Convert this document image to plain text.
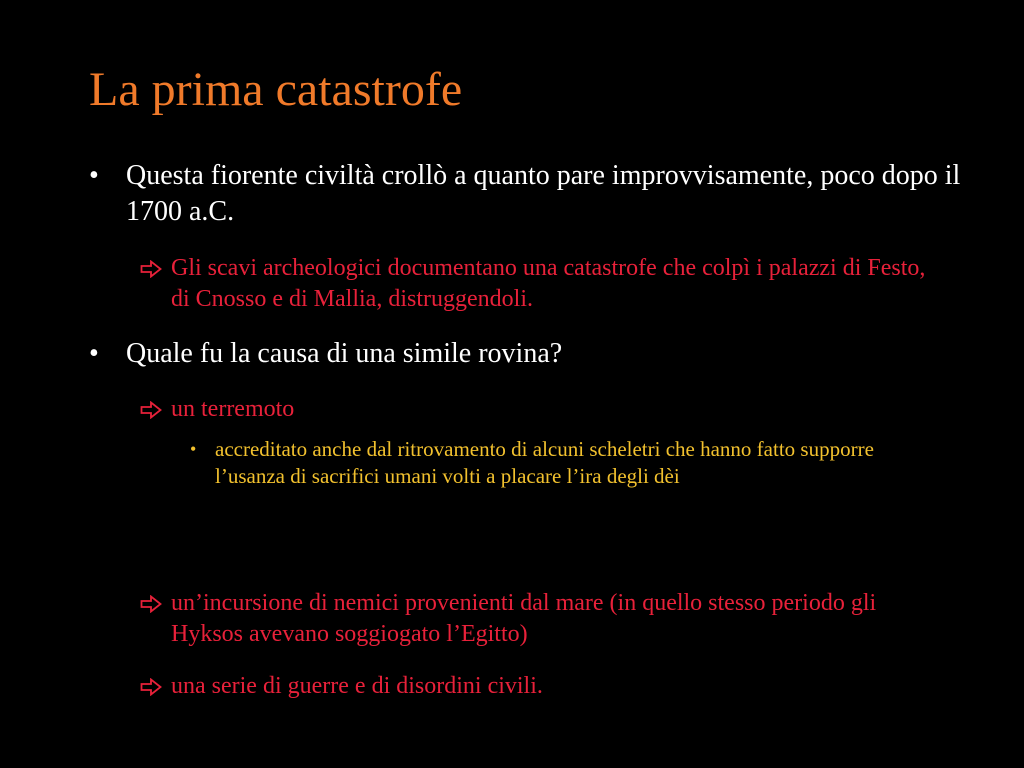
La prima catastrofe
• Questa fiorente civiltà crollò a quanto pare improvvisamente, poco dopo il 1700 a.C.
Gli scavi archeologici documentano una catastrofe che colpì i palazzi di Festo, di Cnosso e di Mallia, distruggendoli.
• Quale fu la causa di una simile rovina?
un terremoto
• accreditato anche dal ritrovamento di alcuni scheletri che hanno fatto supporre l’usanza di sacrifici umani volti a placare l’ira degli dèi
un’incursione di nemici provenienti dal mare (in quello stesso periodo gli Hyksos avevano soggiogato l’Egitto)
una serie di guerre e di disordini civili.
